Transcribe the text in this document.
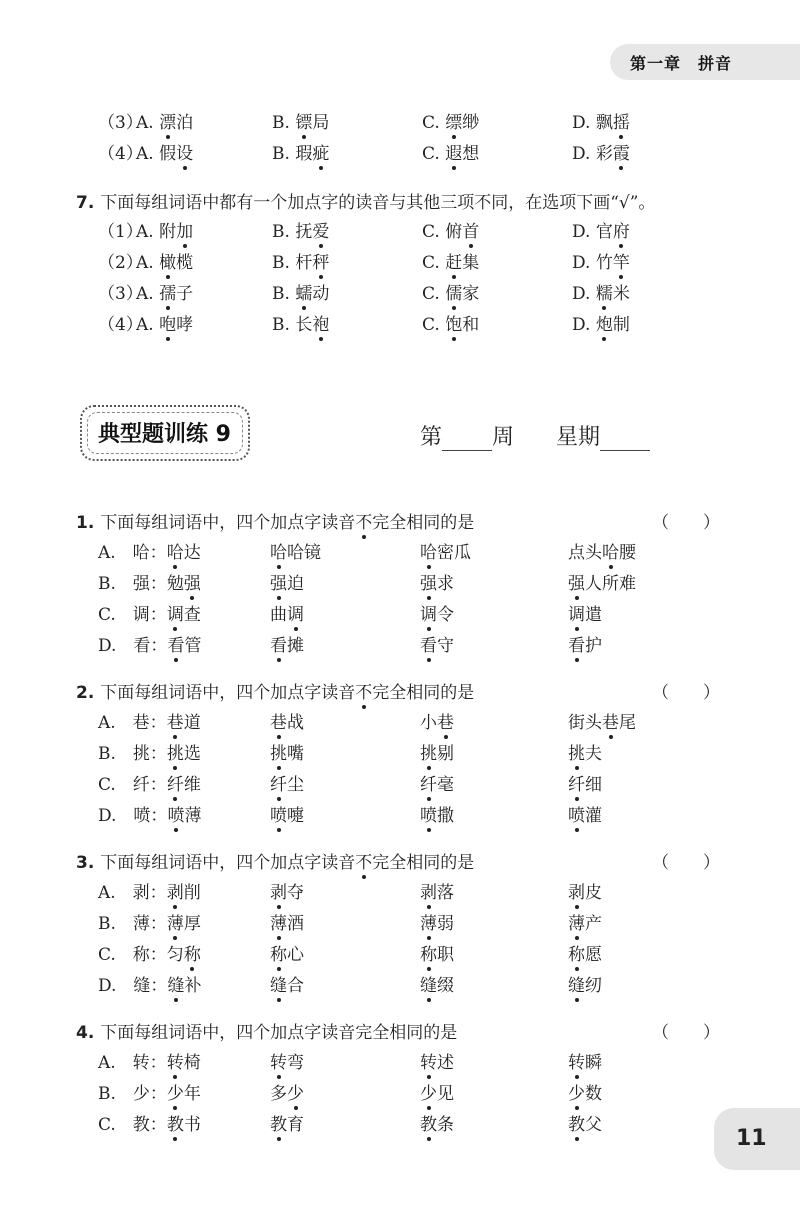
第一章　拼音
（3）
A. 漂泊	B. 镖局	C. 缥缈	D. 飘摇
（4）
A. 假设	B. 瑕疵	C. 遐想	D. 彩霞
7. 下面每组词语中都有一个加点字的读音与其他三项不同，在选项下画“√”。
（1）
A. 附加	B. 抚爱	C. 俯首	D. 官府
（2）
A. 橄榄	B. 杆秤	C. 赶集	D. 竹竿
（3）
A. 孺子	B. 蠕动	C. 儒家	D. 糯米
（4）
A. 咆哮	B. 长袍	C. 饱和	D. 炮制
1. 下面每组词语中，四个加点字读音不完全相同的是	（　　）
A.　哈：哈达	哈哈镜	哈密瓜	点头哈腰
B.　强：勉强	强迫	强求	强人所难
C.　调：调查	曲调	调令	调遣
D.　看：看管	看摊	看守	看护
2. 下面每组词语中，四个加点字读音不完全相同的是	（　　）
A.　巷：巷道	巷战	小巷	街头巷尾
B.　挑：挑选	挑嘴	挑剔	挑夫
C.　纤：纤维	纤尘	纤毫	纤细
D.　喷：喷薄	喷嚏	喷撒	喷灌
3. 下面每组词语中，四个加点字读音不完全相同的是	（　　）
A.　剥：剥削	剥夺	剥落	剥皮
B.　薄：薄厚	薄酒	薄弱	薄产
C.　称：匀称	称心	称职	称愿
D.　缝：缝补	缝合	缝缀	缝纫
4. 下面每组词语中，四个加点字读音完全相同的是	（　　）
A.　转：转椅	转弯	转述	转瞬
B.　少：少年	多少	少见	少数
C.　教：教书	教育	教条	教父
典型题训练 9	第 周 星期
11
